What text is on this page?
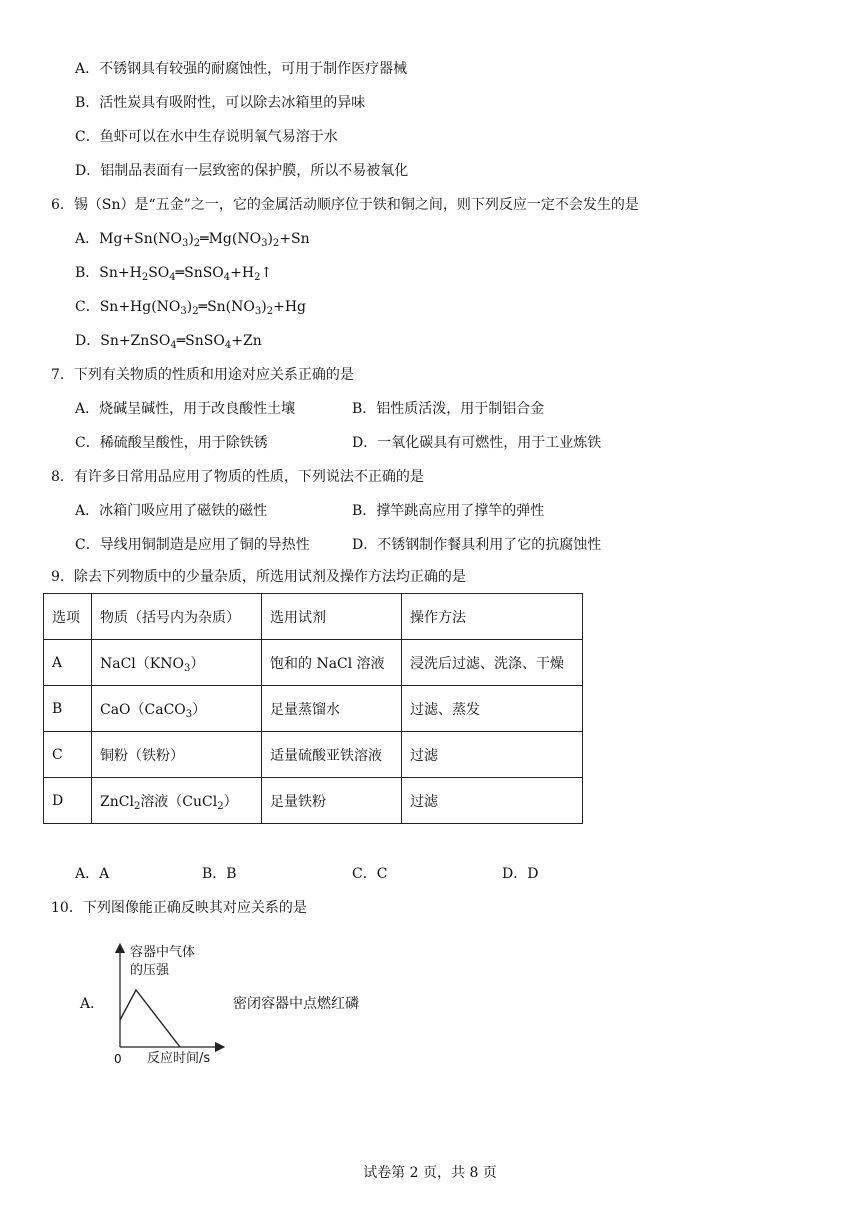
A．不锈钢具有较强的耐腐蚀性，可用于制作医疗器械
B．活性炭具有吸附性，可以除去冰箱里的异味
C．鱼虾可以在水中生存说明氧气易溶于水
D．铝制品表面有一层致密的保护膜，所以不易被氧化
6．锡（Sn）是“五金”之一，它的金属活动顺序位于铁和铜之间，则下列反应一定不会发生的是
A．$Mg+Sn(NO_3)_2═Mg(NO_3)_2+Sn$
B．$Sn+H_2SO_4═SnSO_4+H_2↑$
C．$Sn+Hg(NO_3)_2═Sn(NO_3)_2+Hg$
D．Sn+ZnSO$_4$═SnSO$_4$+Zn
7．下列有关物质的性质和用途对应关系正确的是
A．烧碱呈碱性，用于改良酸性土壤	B．铝性质活泼，用于制铝合金
C．稀硫酸呈酸性，用于除铁锈	D．一氧化碳具有可燃性，用于工业炼铁
8．有许多日常用品应用了物质的性质，下列说法不正确的是
A．冰箱门吸应用了磁铁的磁性	B．撑竿跳高应用了撑竿的弹性
C．导线用铜制造是应用了铜的导热性	D．不锈钢制作餐具利用了它的抗腐蚀性
9．除去下列物质中的少量杂质，所选用试剂及操作方法均正确的是
选项	物质（括号内为杂质）	选用试剂	操作方法
A	$NaCl(KNO_3)$	饱和的 NaCl 溶液	浸洗后过滤、洗涤、干燥
B	CaO（CaCO$_3$）	足量蒸馏水	过滤、蒸发
C	铜粉（铁粉）	适量硫酸亚铁溶液	过滤
D	ZnCl$_2$溶液（CuCl$_2$）	足量铁粉	过滤
A．A	B．B	C．C	D．D
10．下列图像能正确反映其对应关系的是
A．	密闭容器中点燃红磷
容器中气体
的压强
反应时间/s
0
试卷第 2 页，共 8 页
